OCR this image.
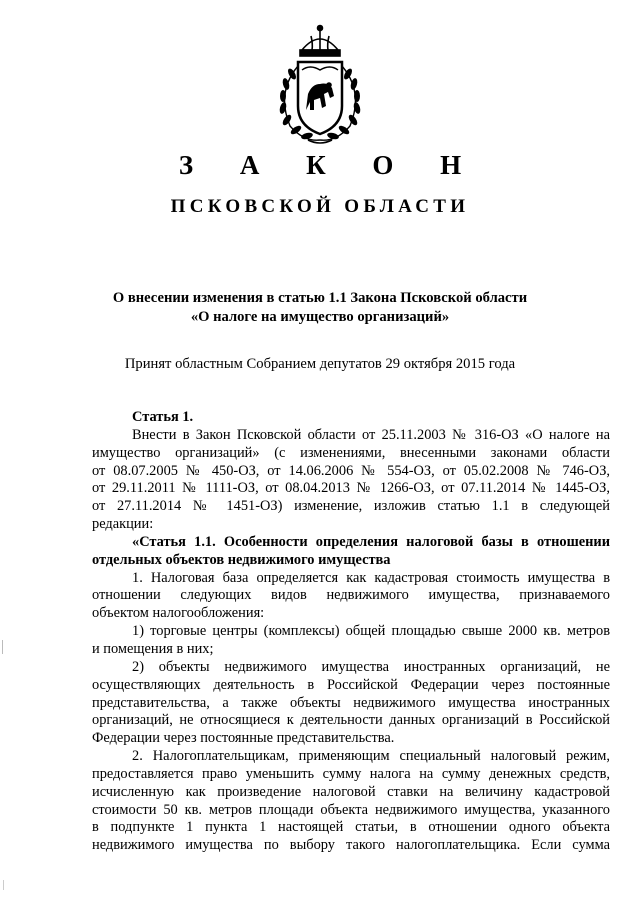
З А К О Н
ПСКОВСКОЙ ОБЛАСТИ
О внесении изменения в статью 1.1 Закона Псковской области
«О налоге на имущество организаций»
Принят областным Собранием депутатов 29 октября 2015 года
Статья 1.
Внести в Закон Псковской области от 25.11.2003 № 316-ОЗ «О налоге на
имущество организаций» (с изменениями, внесенными законами области
от 08.07.2005 № 450-ОЗ, от 14.06.2006 № 554-ОЗ, от 05.02.2008 № 746-ОЗ,
от 29.11.2011 № 1111-ОЗ, от 08.04.2013 № 1266-ОЗ, от 07.11.2014 № 1445-ОЗ,
от 27.11.2014 № 1451-ОЗ) изменение, изложив статью 1.1 в следующей
редакции:
«Статья 1.1. Особенности определения налоговой базы в отношении
отдельных объектов недвижимого имущества
1. Налоговая база определяется как кадастровая стоимость имущества в
отношении следующих видов недвижимого имущества, признаваемого
объектом налогообложения:
1) торговые центры (комплексы) общей площадью свыше 2000 кв. метров
и помещения в них;
2) объекты недвижимого имущества иностранных организаций, не
осуществляющих деятельность в Российской Федерации через постоянные
представительства, а также объекты недвижимого имущества иностранных
организаций, не относящиеся к деятельности данных организаций в Российской
Федерации через постоянные представительства.
2. Налогоплательщикам, применяющим специальный налоговый режим,
предоставляется право уменьшить сумму налога на сумму денежных средств,
исчисленную как произведение налоговой ставки на величину кадастровой
стоимости 50 кв. метров площади объекта недвижимого имущества, указанного
в подпункте 1 пункта 1 настоящей статьи, в отношении одного объекта
недвижимого имущества по выбору такого налогоплательщика. Если сумма
